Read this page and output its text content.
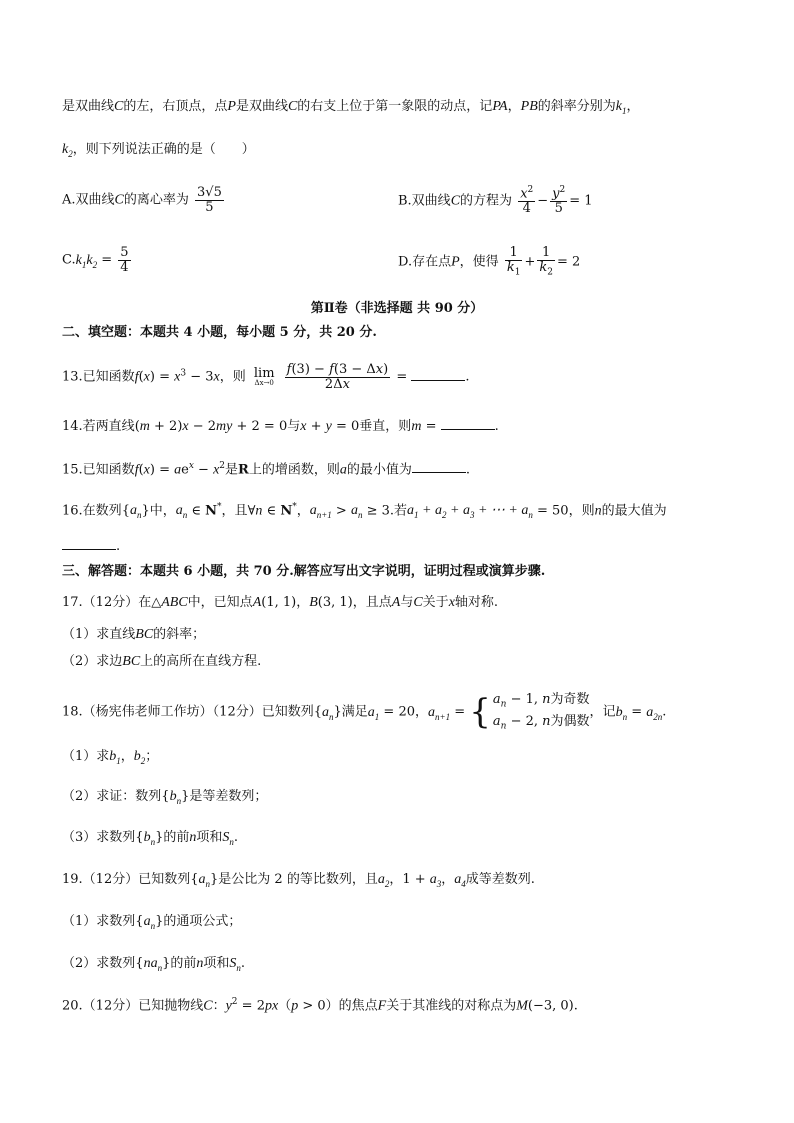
是双曲线C的左，右顶点，点P是双曲线C的右支上位于第一象限的动点，记PA，PB的斜率分别为$k_1$，
$k_2$，则下列说法正确的是（　　）
A.双曲线C的离心率为 $\frac{3√5}{5}$	B.双曲线C的方程为 $\frac{x^2}{4} - \frac{y^2}{5} = 1$
$C.k_1k_2 = \frac{5}{4}$	D.存在点P，使得 $\frac{1}{k_1} + \frac{1}{k_2} = 2$
第Ⅱ卷（非选择题 共 90 分）
二、填空题：本题共 4 小题，每小题 5 分，共 20 分.
13.已知函数$f(x) = x^3 - 3x$，则 lim
Δx→0
$\frac{f(3) - f(3 - \Delta x)}{2\Delta x}$ =	.
14.若两直线(m + 2)x − 2my + 2 = 0与x + y = 0垂直，则m =	.
15.已知函数$f(x) = ae^x - x^2$是R上的增函数，则a的最小值为	.
16.在数列$\{a_n\}$中，$a_n$ ∈ N*，且∀n ∈ N*，$a_{n+1} > a_n \ge 3$.若$a_1 + a_2 + a_3$ + ⋯ + $a_n = 50$，则n的最大值为
.
三、解答题：本题共 6 小题，共 70 分.解答应写出文字说明，证明过程或演算步骤.
17.（12分）在△ABC中，已知点A(1, 1)，B(3, 1)，且点A与C关于x轴对称.
（1）求直线BC的斜率；
（2）求边BC上的高所在直线方程.
18.（杨宪伟老师工作坊）（12分）已知数列$\{a_n\}$满足$a_1 = 20$，$a_{n+1}$ = { $a_n - 1$, n为奇数
$a_n - 2$, n为偶数
，记$b_n = a_{2n}$.
（1）求$b_1$，$b_2$；
（2）求证：数列$\{b_n\}$是等差数列；
（3）求数列$\{b_n\}$的前n项和$S_n$.
19.（12分）已知数列$\{a_n\}$是公比为 2 的等比数列，且$a_2$，$1 + a_3$，$a_4$成等差数列.
（1）求数列$\{a_n\}$的通项公式；
（2）求数列$\{na_n\}$的前n项和$S_n$.
20.（12分）已知抛物线C：$y^2 = 2px(p > 0)$的焦点F关于其准线的对称点为M(−3, 0).
